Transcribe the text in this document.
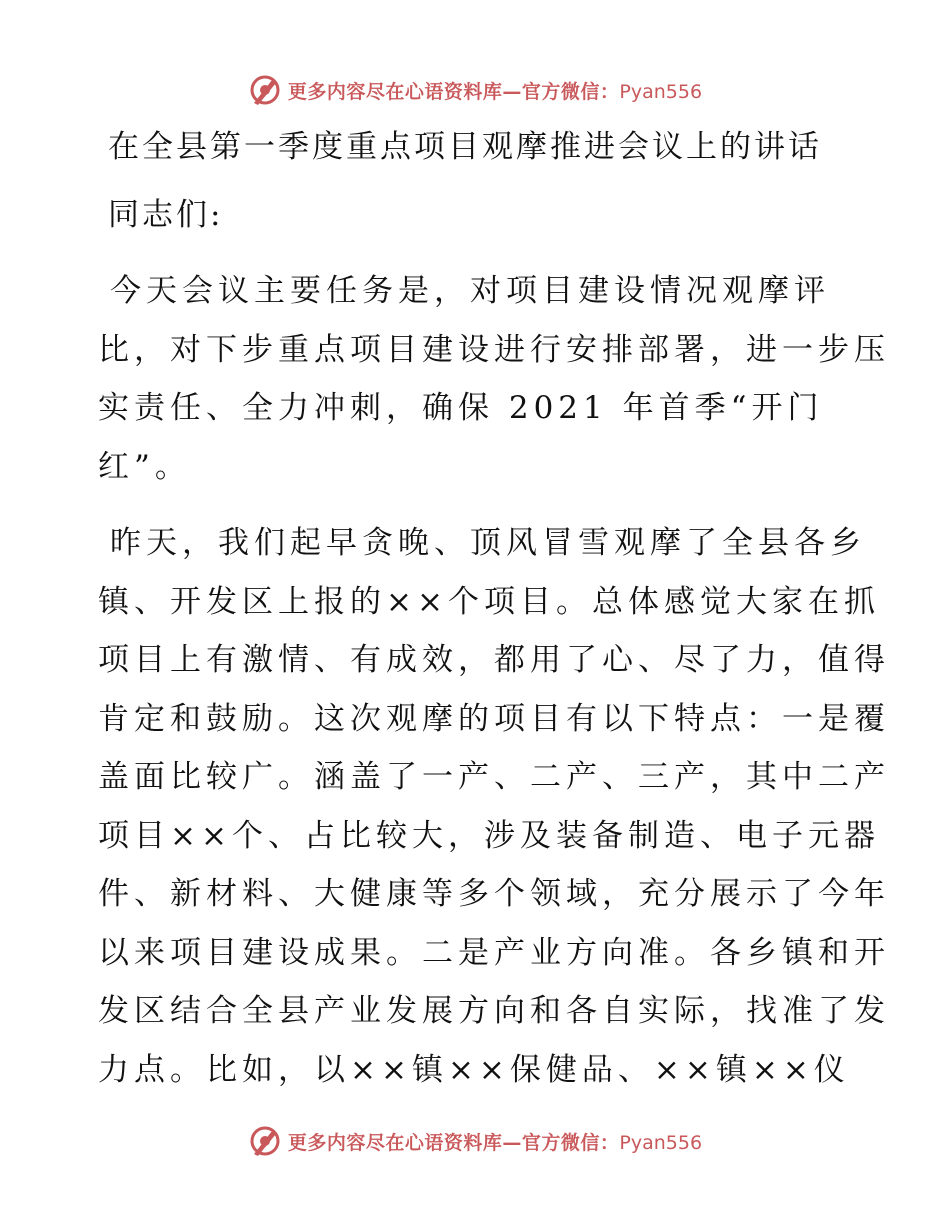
更多内容尽在心语资料库—官方微信：Pyan556
在全县第一季度重点项目观摩推进会议上的讲话
同志们:

今天会议主要任务是，对项目建设情况观摩评
比，对下步重点项目建设进行安排部署，进一步压
实责任、全力冲刺，确保 2021 年首季“开门
红”。

昨天，我们起早贪晚、顶风冒雪观摩了全县各乡
镇、开发区上报的××个项目。总体感觉大家在抓
项目上有激情、有成效，都用了心、尽了力，值得
肯定和鼓励。这次观摩的项目有以下特点：一是覆
盖面比较广。涵盖了一产、二产、三产，其中二产
项目××个、占比较大，涉及装备制造、电子元器
件、新材料、大健康等多个领域，充分展示了今年
以来项目建设成果。二是产业方向准。各乡镇和开
发区结合全县产业发展方向和各自实际，找准了发
力点。比如，以××镇××保健品、××镇××仪

更多内容尽在心语资料库—官方微信：Pyan556
